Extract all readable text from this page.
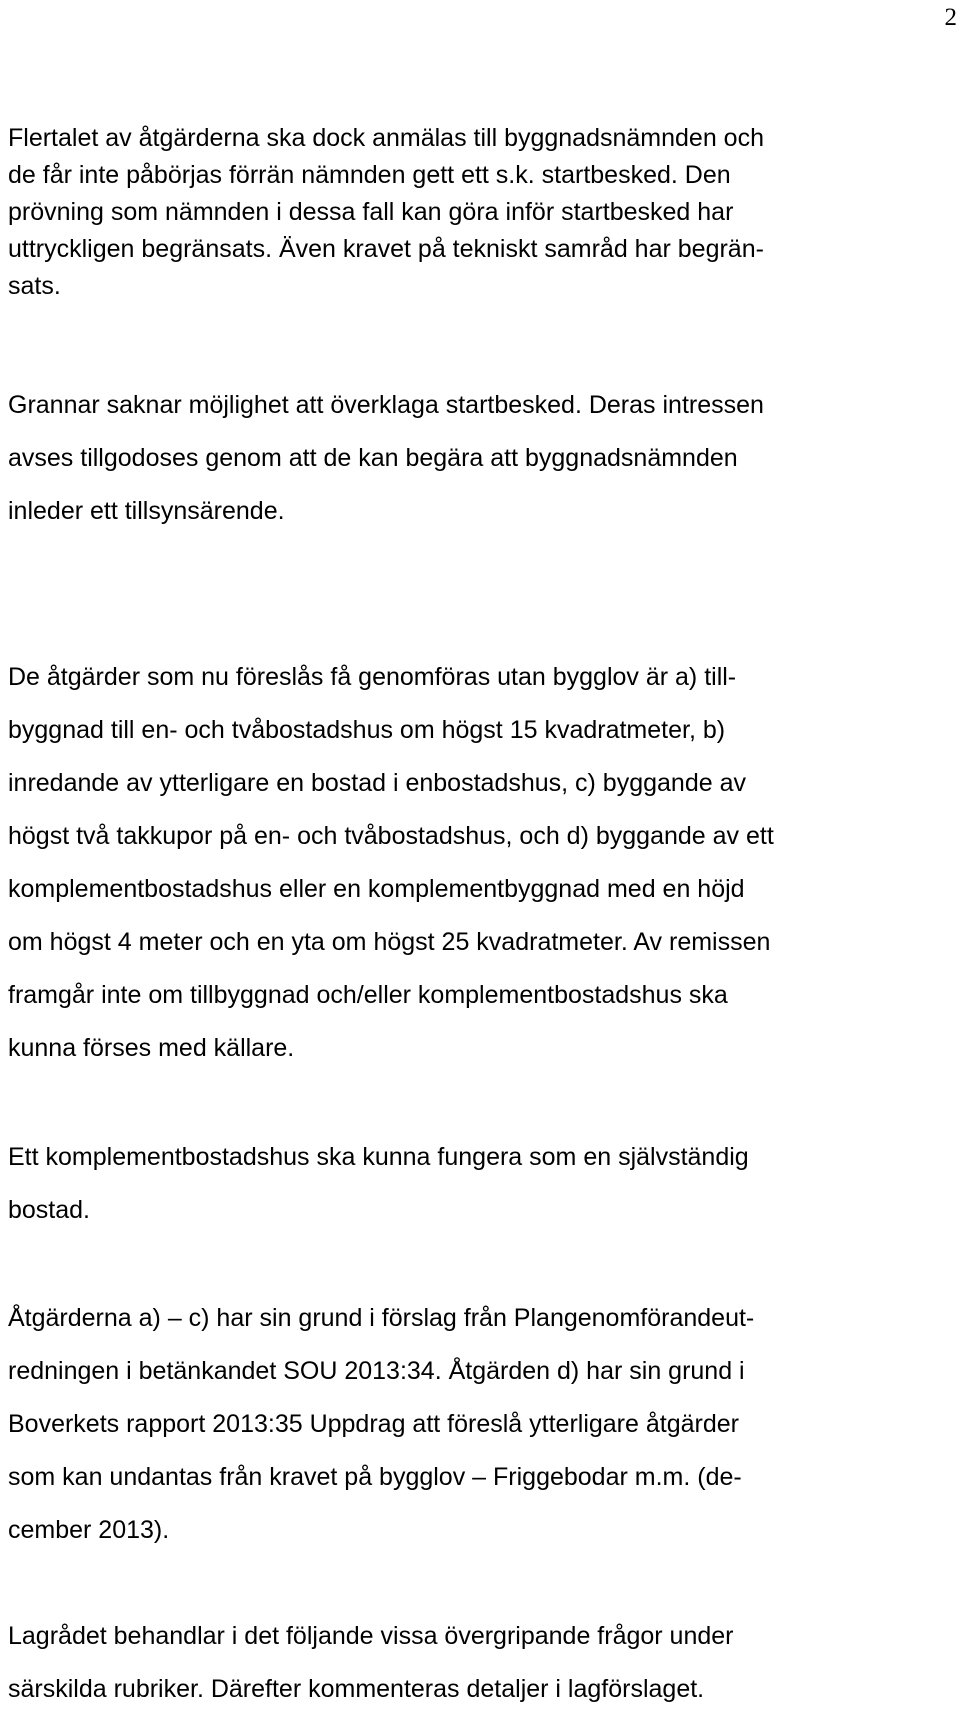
2

Flertalet av åtgärderna ska dock anmälas till byggnadsnämnden och
de får inte påbörjas förrän nämnden gett ett s.k. startbesked. Den
prövning som nämnden i dessa fall kan göra inför startbesked har
uttryckligen begränsats. Även kravet på tekniskt samråd har begrän-
sats.

Grannar saknar möjlighet att överklaga startbesked. Deras intressen
avses tillgodoses genom att de kan begära att byggnadsnämnden
inleder ett tillsynsärende.

De åtgärder som nu föreslås få genomföras utan bygglov är a) till-
byggnad till en- och tvåbostadshus om högst 15 kvadratmeter, b)
inredande av ytterligare en bostad i enbostadshus, c) byggande av
högst två takkupor på en- och tvåbostadshus, och d) byggande av ett
komplementbostadshus eller en komplementbyggnad med en höjd
om högst 4 meter och en yta om högst 25 kvadratmeter. Av remissen
framgår inte om tillbyggnad och/eller komplementbostadshus ska
kunna förses med källare.

Ett komplementbostadshus ska kunna fungera som en självständig
bostad.

Åtgärderna a) – c) har sin grund i förslag från Plangenomförandeut-
redningen i betänkandet SOU 2013:34. Åtgärden d) har sin grund i
Boverkets rapport 2013:35 Uppdrag att föreslå ytterligare åtgärder
som kan undantas från kravet på bygglov – Friggebodar m.m. (de-
cember 2013).

Lagrådet behandlar i det följande vissa övergripande frågor under
särskilda rubriker. Därefter kommenteras detaljer i lagförslaget.
